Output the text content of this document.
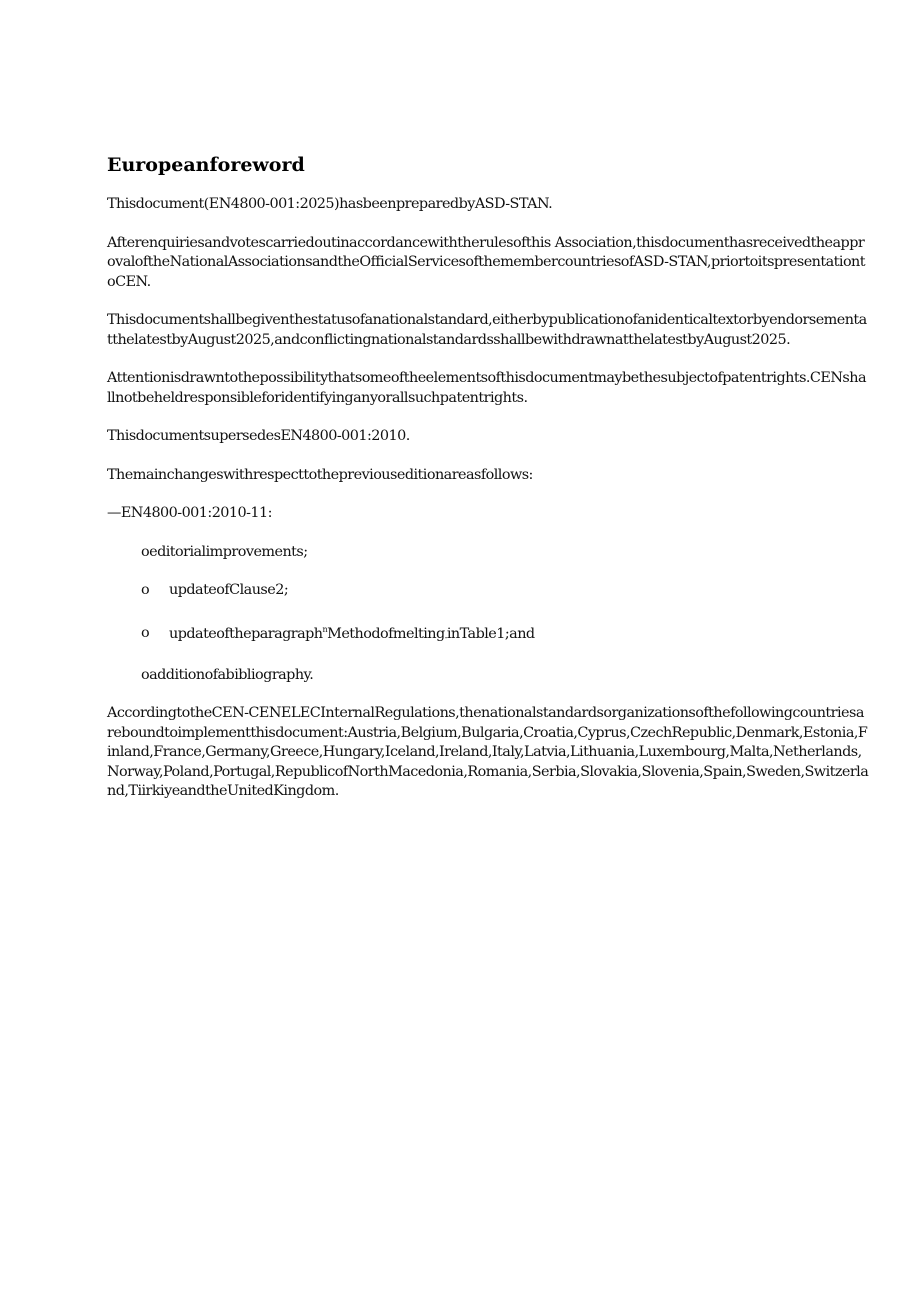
Europeanforeword

Thisdocument(EN4800-001:2025)hasbeenpreparedbyASD-STAN.

Afterenquiriesandvotescarriedoutinaccordancewiththerulesofthis Association,thisdocumenthasreceivedtheapprovaloftheNationalAssociationsandtheOfficialServicesofthemembercountriesofASD-STAN,priortoitspresentationtoCEN.

Thisdocumentshallbegiventhestatusofanationalstandard,eitherbypublicationofanidenticaltextorbyendorsementatthelatestbyAugust2025,andconflictingnationalstandardsshallbewithdrawnatthelatestbyAugust2025.

Attentionisdrawntothepossibilitythatsomeoftheelementsofthisdocumentmaybethesubjectofpatentrights.CENshallnotbeheldresponsibleforidentifyinganyorallsuchpatentrights.

ThisdocumentsupersedesEN4800-001:2010.

Themainchangeswithrespecttothepreviouseditionareasfollows:

—EN4800-001:2010-11:

oeditorialimprovements;

o updateofClause2;

o updateoftheparagraph$^n$Methodofmelting-inTable1;and

oadditionofabibliography.

AccordingtotheCEN-CENELECInternalRegulations,thenationalstandardsorganizationsofthefollowingcountriesareboundtoimplementthisdocument:Austria,Belgium,Bulgaria,Croatia,Cyprus,CzechRepublic,Denmark,Estonia,Finland,France,Germany,Greece,Hungary,Iceland,Ireland,Italy,Latvia,Lithuania,Luxembourg,Malta,Netherlands,Norway,Poland,Portugal,RepublicofNorthMacedonia,Romania,Serbia,Slovakia,Slovenia,Spain,Sweden,Switzerland,TiirkiyeandtheUnitedKingdom.
